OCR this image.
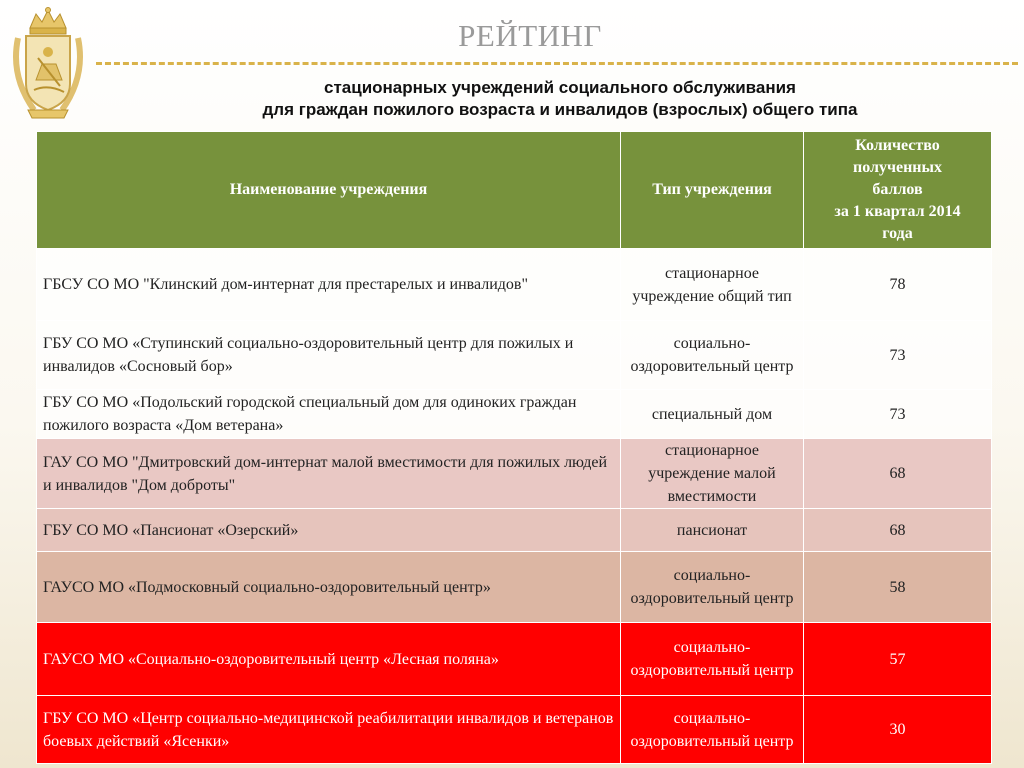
РЕЙТИНГ
стационарных учреждений социального обслуживания
для граждан пожилого возраста и инвалидов (взрослых) общего типа
Наименование учреждения	Тип учреждения	Количество
полученных
баллов
за 1 квартал 2014
года

ГБСУ СО МО "Клинский дом-интернат для престарелых и инвалидов"	стационарное учреждение общий тип	78
ГБУ СО МО «Ступинский социально-оздоровительный центр для пожилых и инвалидов «Сосновый бор»	социально-оздоровительный центр	73
ГБУ СО МО «Подольский городской специальный дом для одиноких граждан пожилого возраста «Дом ветерана»	специальный дом	73
ГАУ СО МО "Дмитровский дом-интернат малой вместимости для пожилых людей и инвалидов "Дом доброты"	стационарное учреждение малой вместимости	68
ГБУ СО МО «Пансионат «Озерский»	пансионат	68
ГАУСО МО «Подмосковный социально-оздоровительный центр»	социально-оздоровительный центр	58
ГАУСО МО «Социально-оздоровительный центр «Лесная поляна»	социально-оздоровительный центр	57
ГБУ СО МО «Центр социально-медицинской реабилитации инвалидов и ветеранов боевых действий «Ясенки»	социально-оздоровительный центр	30
